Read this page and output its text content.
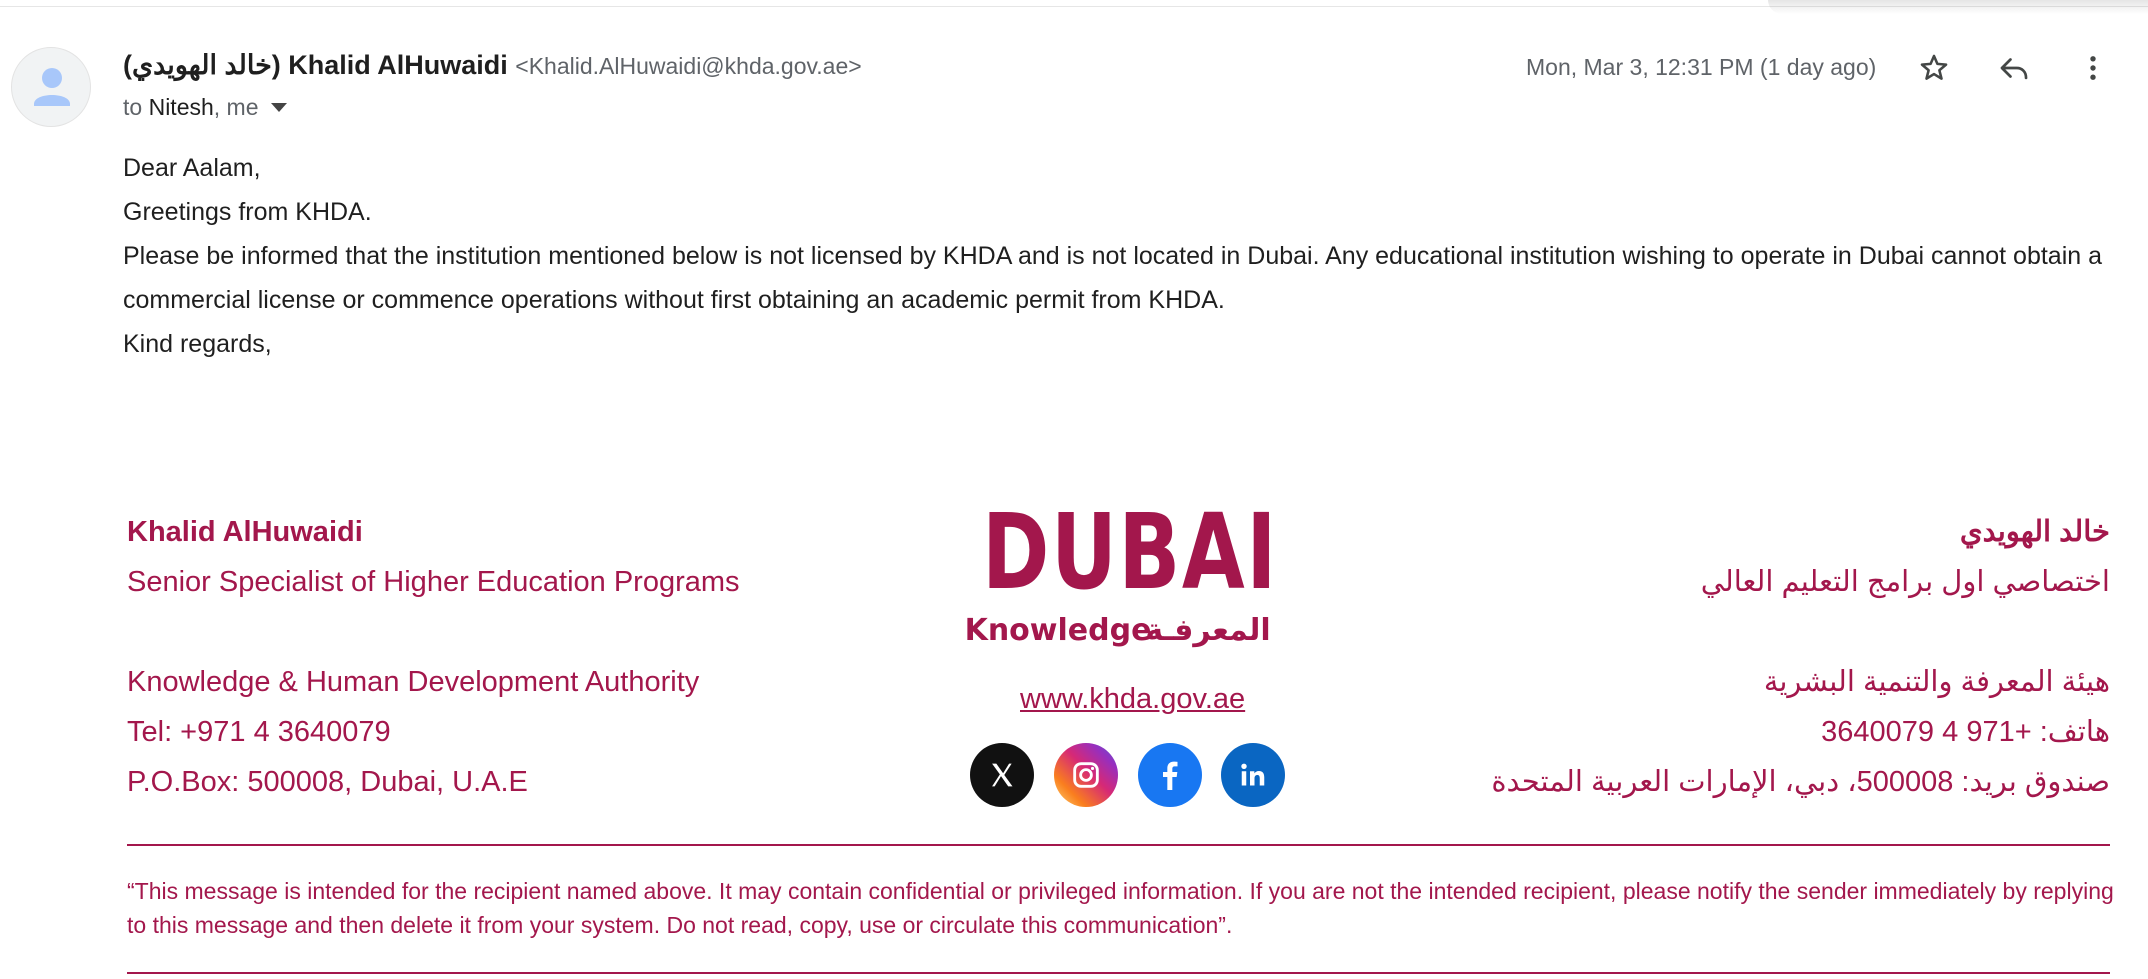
(خالد الهويدي) Khalid AlHuwaidi <Khalid.AlHuwaidi@khda.gov.ae>
to
Nitesh , me
Mon, Mar 3, 12:31 PM (1 day ago)

Dear Aalam,

Greetings from KHDA.

Please be informed that the institution mentioned below is not licensed by KHDA and is not located in Dubai. Any educational institution wishing to operate in Dubai cannot obtain a commercial license or commence operations without first obtaining an academic permit from KHDA.

Kind regards,

Khalid AlHuwaidi
Senior Specialist of Higher Education Programs
Knowledge & Human Development Authority
Tel: +971 4 3640079
P.O.Box: 500008, Dubai, U.A.E
خالد الهويدي
اختصاصي اول برامج التعليم العالي
هيئة المعرفة والتنمية البشرية
هاتف: +971 4 3640079
صندوق بريد: 500008، دبي، الإمارات العربية المتحدة
DUBAI
Knowledge
المعرفـة
www.khda.gov.ae
“This message is intended for the recipient named above. It may contain confidential or privileged information. If you are not the intended recipient, please notify the sender immediately by replying to this message and then delete it from your system. Do not read, copy, use or circulate this communication”.
